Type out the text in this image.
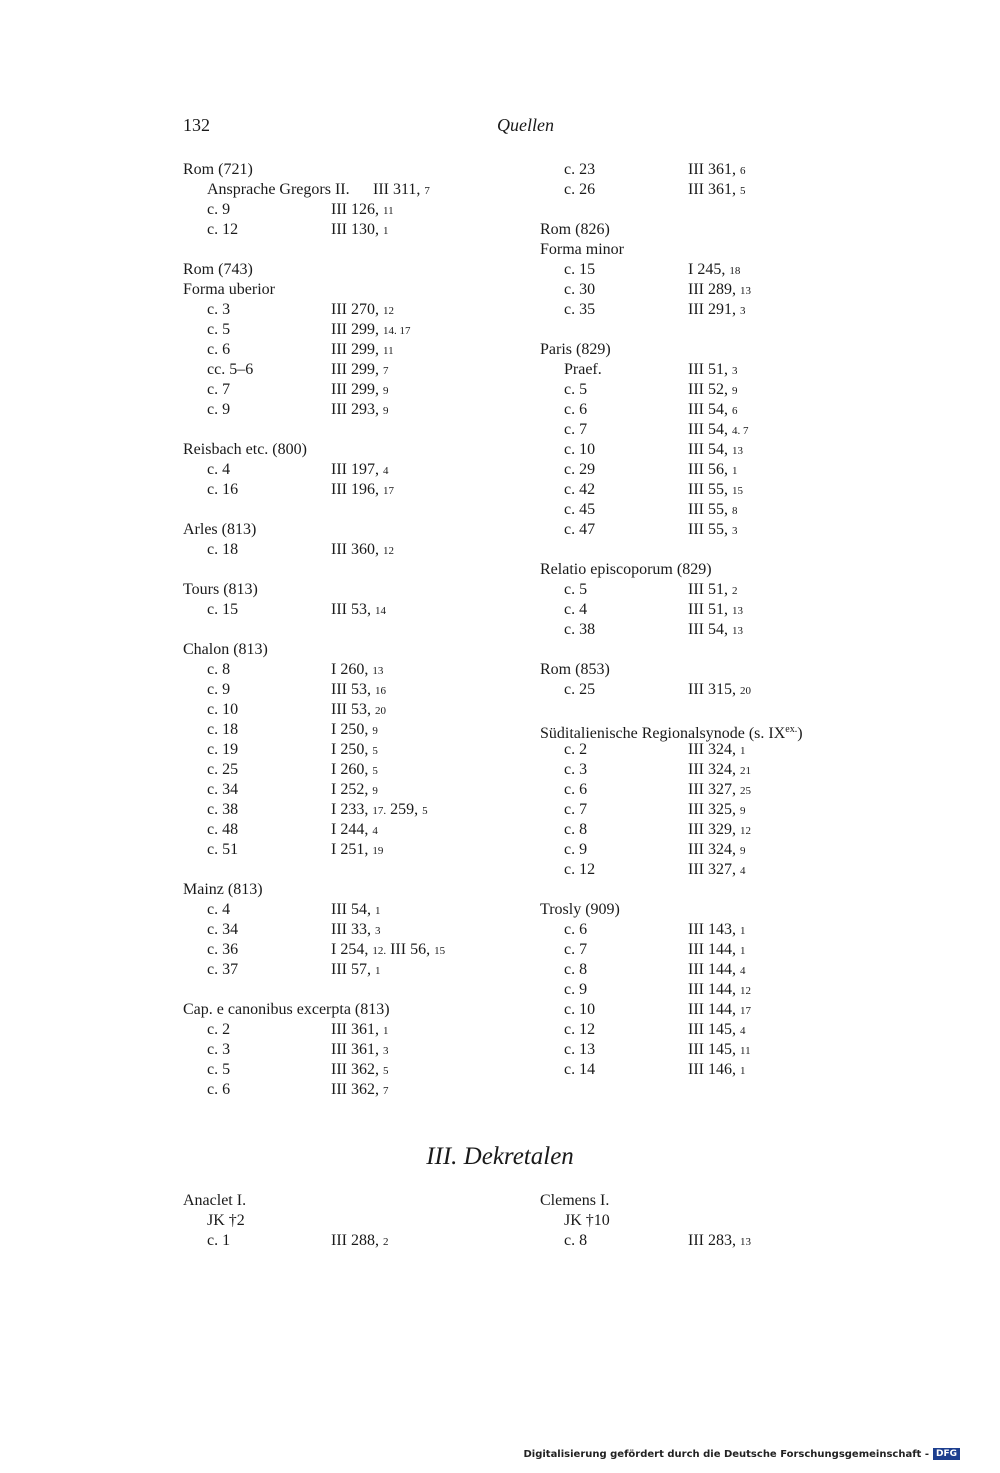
132	Quellen
Rom (721)
Ansprache Gregors II. III 311, 7
c. 9	III 126, 11
c. 12	III 130, 1
Rom (743)
Forma uberior
c. 3	III 270, 12
c. 5	III 299, 14. 17
c. 6	III 299, 11
cc. 5–6	III 299, 7
c. 7	III 299, 9
c. 9	III 293, 9
Reisbach etc. (800)
c. 4	III 197, 4
c. 16	III 196, 17
Arles (813)
c. 18	III 360, 12
Tours (813)
c. 15	III 53, 14
Chalon (813)
c. 8	I 260, 13
c. 9	III 53, 16
c. 10	III 53, 20
c. 18	I 250, 9
c. 19	I 250, 5
c. 25	I 260, 5
c. 34	I 252, 9
c. 38	I 233, 17. 259, 5
c. 48	I 244, 4
c. 51	I 251, 19
Mainz (813)
c. 4	III 54, 1
c. 34	III 33, 3
c. 36	I 254, 12. III 56, 15
c. 37	III 57, 1
Cap. e canonibus excerpta (813)
c. 2	III 361, 1
c. 3	III 361, 3
c. 5	III 362, 5
c. 6	III 362, 7
c. 23	III 361, 6
c. 26	III 361, 5
Rom (826)
Forma minor
c. 15	I 245, 18
c. 30	III 289, 13
c. 35	III 291, 3
Paris (829)
Praef.	III 51, 3
c. 5	III 52, 9
c. 6	III 54, 6
c. 7	III 54, 4. 7
c. 10	III 54, 13
c. 29	III 56, 1
c. 42	III 55, 15
c. 45	III 55, 8
c. 47	III 55, 3
Relatio episcoporum (829)
c. 5	III 51, 2
c. 4	III 51, 13
c. 38	III 54, 13
Rom (853)
c. 25	III 315, 20
Süditalienische Regionalsynode (s. $IX^{ex.}$)
c. 2	III 324, 1
c. 3	III 324, 21
c. 6	III 327, 25
c. 7	III 325, 9
c. 8	III 329, 12
c. 9	III 324, 9
c. 12	III 327, 4
Trosly (909)
c. 6	III 143, 1
c. 7	III 144, 1
c. 8	III 144, 4
c. 9	III 144, 12
c. 10	III 144, 17
c. 12	III 145, 4
c. 13	III 145, 11
c. 14	III 146, 1
III. Dekretalen
Anaclet I.
JK †2
c. 1	III 288, 2
Clemens I.
JK †10
c. 8	III 283, 13
Digitalisierung gefördert durch die Deutsche Forschungsgemeinschaft - DFG
